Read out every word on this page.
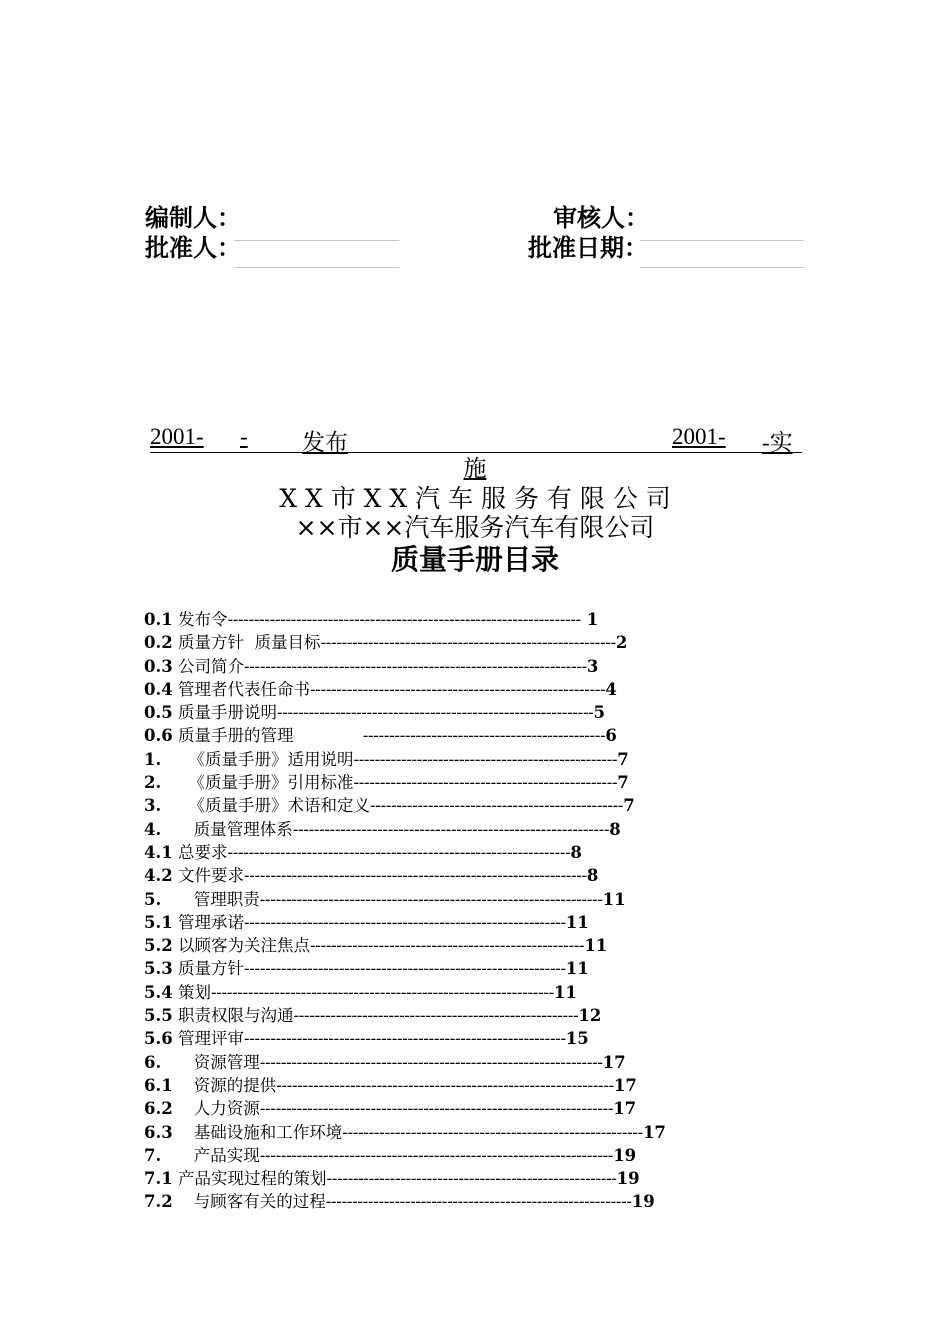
编制人：	审核人：
批准人：	批准日期：
2001- - 发布	2001- -实
施
X X 市 X X 汽 车 服 务 有 限 公 司
××市××汽车服务汽车有限公司
质量手册目录
0.1 发布令------------------------------------------------------------------- 1
0.2 质量方针  质量目标--------------------------------------------------------2
0.3 公司简介-----------------------------------------------------------------3
0.4 管理者代表任命书--------------------------------------------------------4
0.5 质量手册说明------------------------------------------------------------5
0.6 质量手册的管理              ----------------------------------------------6
1.  《质量手册》适用说明--------------------------------------------------7
2.  《质量手册》引用标准--------------------------------------------------7
3.  《质量手册》术语和定义------------------------------------------------7
4.   质量管理体系------------------------------------------------------------8
4.1 总要求-----------------------------------------------------------------8
4.2 文件要求-----------------------------------------------------------------8
5.   管理职责-----------------------------------------------------------------11
5.1 管理承诺-------------------------------------------------------------11
5.2 以顾客为关注焦点----------------------------------------------------11
5.3 质量方针-------------------------------------------------------------11
5.4 策划-----------------------------------------------------------------11
5.5 职责权限与沟通------------------------------------------------------12
5.6 管理评审-------------------------------------------------------------15
6.   资源管理-----------------------------------------------------------------17
6.1   资源的提供----------------------------------------------------------------17
6.2   人力资源-------------------------------------------------------------------17
6.3   基础设施和工作环境---------------------------------------------------------17
7.   产品实现-------------------------------------------------------------------19
7.1 产品实现过程的策划-------------------------------------------------------19
7.2   与顾客有关的过程----------------------------------------------------------19
